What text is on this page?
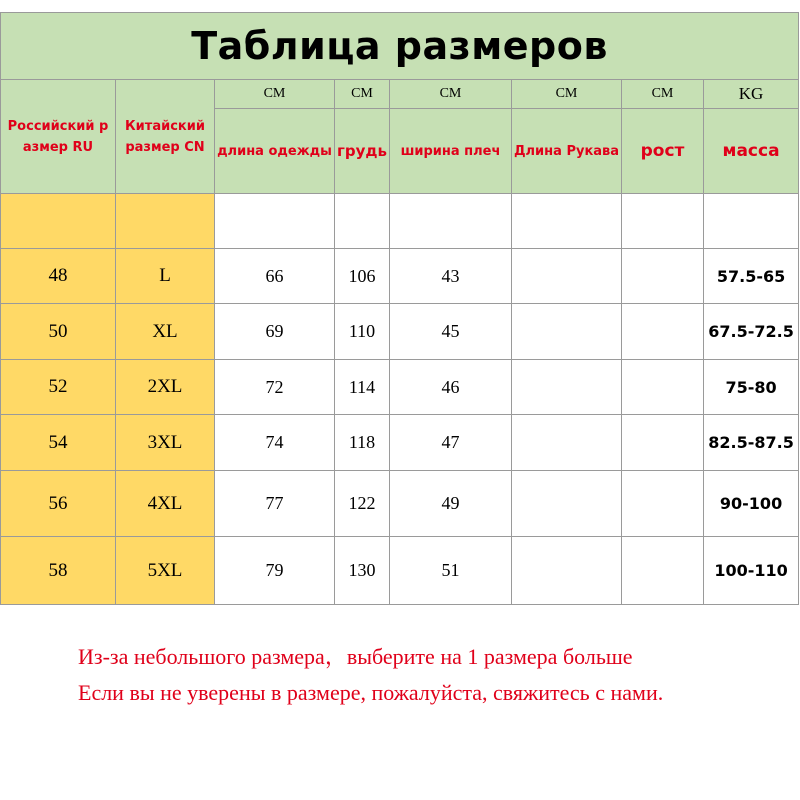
Таблица размеров							
Российский р азмер RU	Китайский размер CN	CM	CM	CM	CM	CM	KG
		длина одежды	грудь	ширина плеч	Длина Рукава	рост	масса

48	L	66	106	43			57.5-65
50	XL	69	110	45			67.5-72.5
52	2XL	72	114	46			75-80
54	3XL	74	118	47			82.5-87.5
56	4XL	77	122	49			90-100
58	5XL	79	130	51			100-110
Из-за небольшого размера，выберите на 1 размера больше
Если вы не уверены в размере, пожалуйста, свяжитесь с нами.
